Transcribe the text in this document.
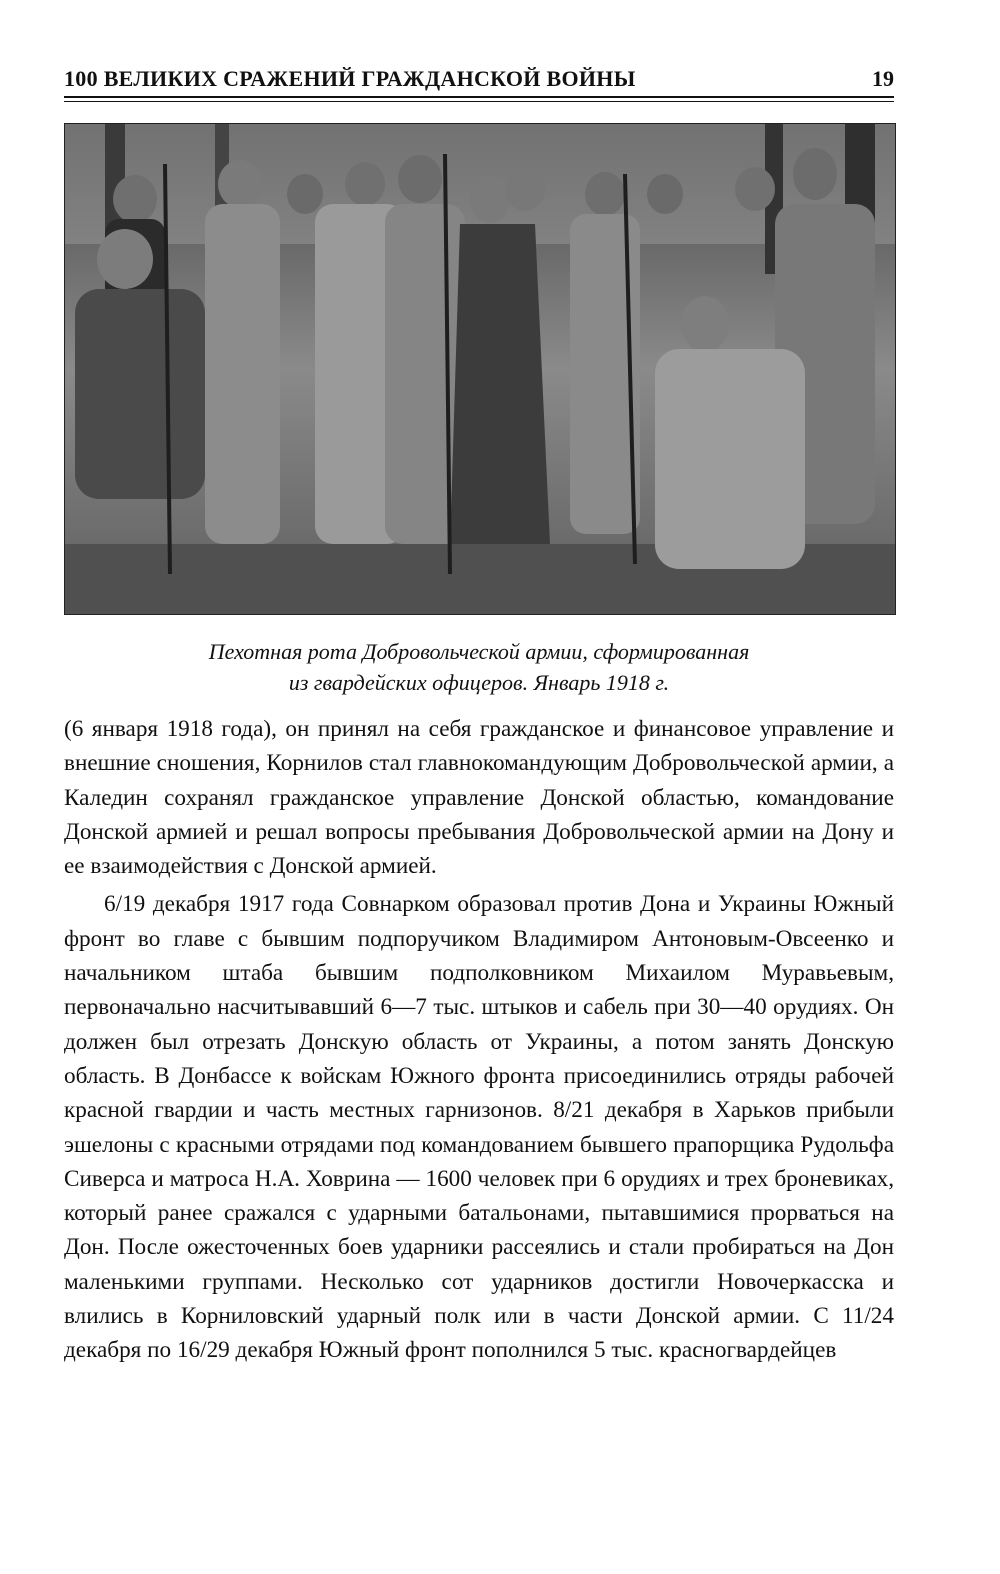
100 ВЕЛИКИХ СРАЖЕНИЙ ГРАЖДАНСКОЙ ВОЙНЫ	19
Пехотная рота Добровольческой армии, сформированная
из гвардейских офицеров. Январь 1918 г.

(6 января 1918 года), он принял на себя гражданское и финансовое управление и внешние сношения, Корнилов стал главнокомандующим Добровольческой армии, а Каледин сохранял гражданское управление Донской областью, командование Донской армией и решал вопросы пребывания Добровольческой армии на Дону и ее взаимодействия с Донской армией.

6/19 декабря 1917 года Совнарком образовал против Дона и Украины Южный фронт во главе с бывшим подпоручиком Владимиром Антоновым-Овсеенко и начальником штаба бывшим подполковником Михаилом Муравьевым, первоначально насчитывавший 6—7 тыс. штыков и сабель при 30—40 орудиях. Он должен был отрезать Донскую область от Украины, а потом занять Донскую область. В Донбассе к войскам Южного фронта присоединились отряды рабочей красной гвардии и часть местных гарнизонов. 8/21 декабря в Харьков прибыли эшелоны с красными отрядами под командованием бывшего прапорщика Рудольфа Сиверса и матроса Н.А. Ховрина — 1600 человек при 6 орудиях и трех броневиках, который ранее сражался с ударными батальонами, пытавшимися прорваться на Дон. После ожесточенных боев ударники рассеялись и стали пробираться на Дон маленькими группами. Несколько сот ударников достигли Новочеркасска и влились в Корниловский ударный полк или в части Донской армии. С 11/24 декабря по 16/29 декабря Южный фронт пополнился 5 тыс. красногвардейцев
